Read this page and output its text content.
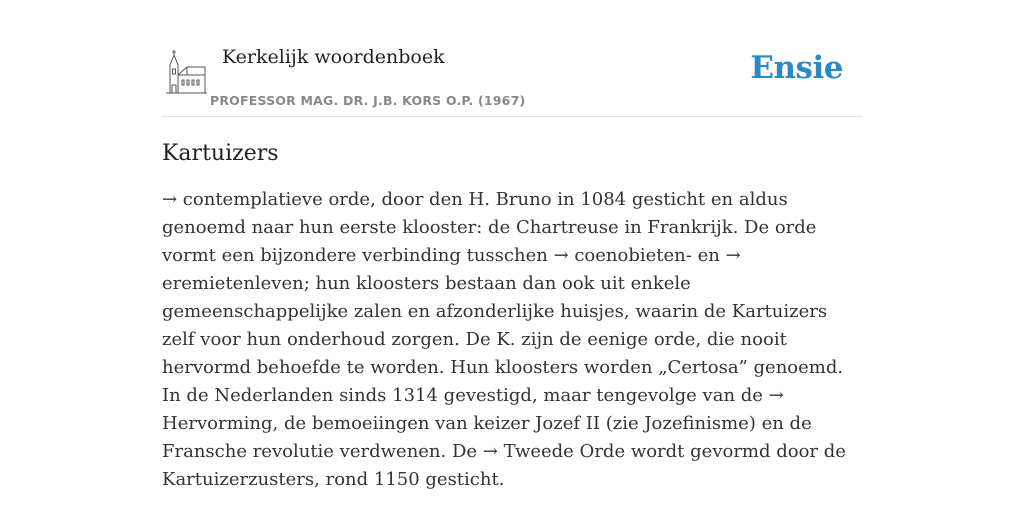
Kerkelijk woordenboek
PROFESSOR MAG. DR. J.B. KORS O.P. (1967)
Ensie
Kartuizers

→ contemplatieve orde, door den H. Bruno in 1084 gesticht en aldus genoemd naar hun eerste klooster: de Chartreuse in Frankrijk. De orde vormt een bijzondere verbinding tusschen → coenobieten- en → eremietenleven; hun kloosters bestaan dan ook uit enkele gemeenschappelijke zalen en afzonderlijke huisjes, waarin de Kartuizers zelf voor hun onderhoud zorgen. De K. zijn de eenige orde, die nooit hervormd behoefde te worden. Hun kloosters worden „Certosa” genoemd. In de Nederlanden sinds 1314 gevestigd, maar tengevolge van de → Hervorming, de bemoeiingen van keizer Jozef II (zie Jozefinisme) en de Fransche revolutie verdwenen. De → Tweede Orde wordt gevormd door de Kartuizerzusters, rond 1150 gesticht.
